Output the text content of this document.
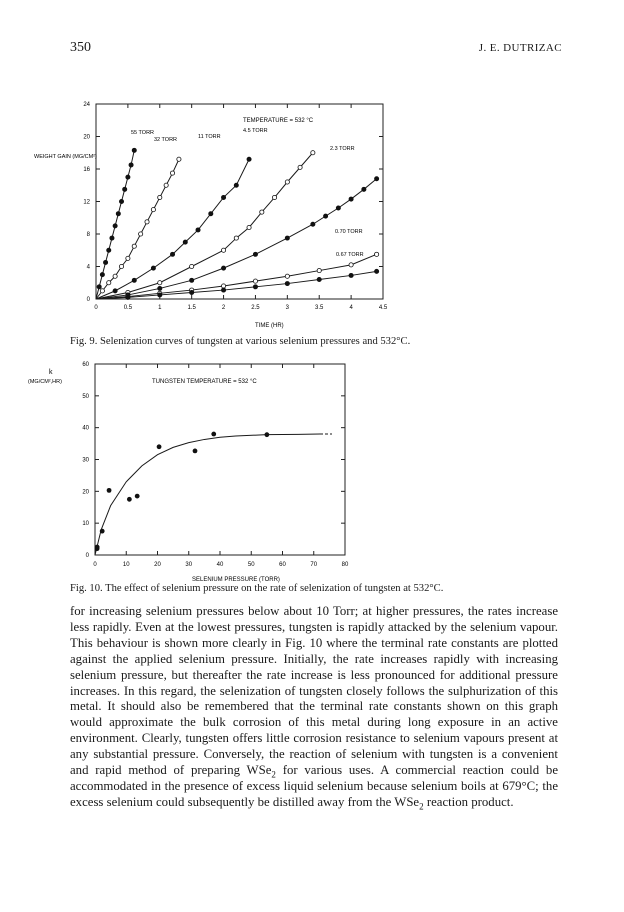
350	J. E. DUTRIZAC
0	0.5	1	1.5	2	2.5	3	3.5	4	4.5
0
4
8
12
16
20
24
55 TORR
32 TORR	11 TORR
4.5 TORR
2.3 TORR
0.70 TORR
0.67 TORR
TEMPERATURE = 532 °C
WEIGHT GAIN (MG/CM²)
TIME (HR)
Fig. 9. Selenization curves of tungsten at various selenium pressures and 532°C.
0	10	20	30	40	50	60	70	80
0
10
20
30
40
50
60
k
(MG/CM²,HR)	TUNGSTEN TEMPERATURE = 532 °C
SELENIUM PRESSURE (TORR)
Fig. 10. The effect of selenium pressure on the rate of selenization of tungsten at 532°C.

for increasing selenium pressures below about 10 Torr; at higher pressures, the rates increase less rapidly. Even at the lowest pressures, tungsten is rapidly attacked by the selenium vapour. This behaviour is shown more clearly in Fig. 10 where the terminal rate constants are plotted against the applied selenium pressure. Initially, the rate increases rapidly with increasing selenium pressure, but thereafter the rate increase is less pronounced for additional pressure increases. In this regard, the selenization of tungsten closely follows the sulphurization of this metal. It should also be remembered that the terminal rate constants shown on this graph would approximate the bulk corrosion of this metal during long exposure in an active environment. Clearly, tungsten offers little corrosion resistance to selenium vapours present at any substantial pressure. Conversely, the reaction of selenium with tungsten is a convenient and rapid method of preparing WSe$_2$ for various uses. A commercial reaction could be accommodated in the presence of excess liquid selenium because selenium boils at 679°C; the excess selenium could subsequently be distilled away from the WSe$_2$ reaction product.
